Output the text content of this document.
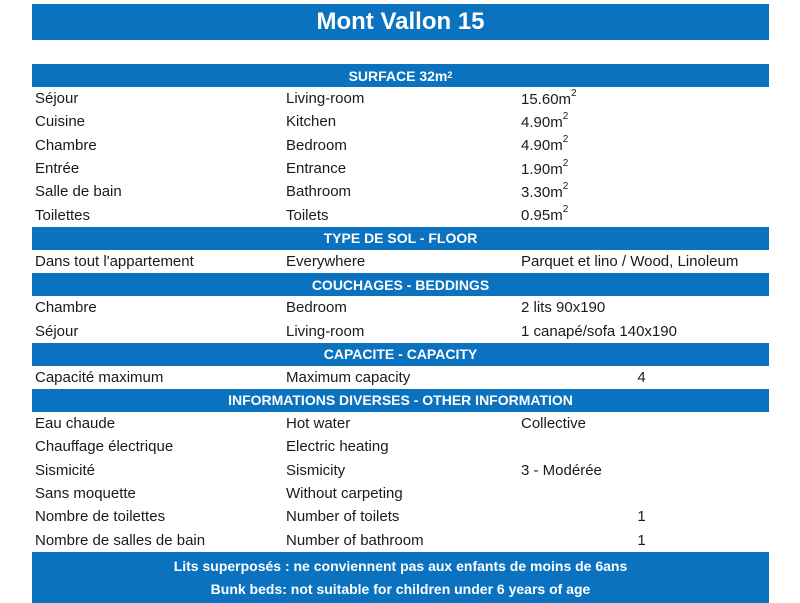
Mont Vallon 15
SURFACE $32m^2$
Séjour	Living-room	$15.60m^2$
Cuisine	Kitchen	$4.90m^2$
Chambre	Bedroom	$4.90m^2$
Entrée	Entrance	$1.90m^2$
Salle de bain	Bathroom	$3.30m^2$
Toilettes	Toilets	$0.95m^2$
TYPE DE SOL - FLOOR
Dans tout l'appartement	Everywhere	Parquet et lino / Wood, Linoleum
COUCHAGES - BEDDINGS
Chambre	Bedroom	2 lits 90x190
Séjour	Living-room	1 canapé/sofa 140x190
CAPACITE - CAPACITY
Capacité maximum	Maximum capacity	4
INFORMATIONS DIVERSES - OTHER INFORMATION
Eau chaude	Hot water	Collective
Chauffage électrique	Electric heating
Sismicité	Sismicity	3 - Modérée
Sans moquette	Without carpeting
Nombre de toilettes	Number of toilets	1
Nombre de salles de bain	Number of bathroom	1
Lits superposés : ne conviennent pas aux enfants de moins de 6ans
Bunk beds: not suitable for children under 6 years of age
